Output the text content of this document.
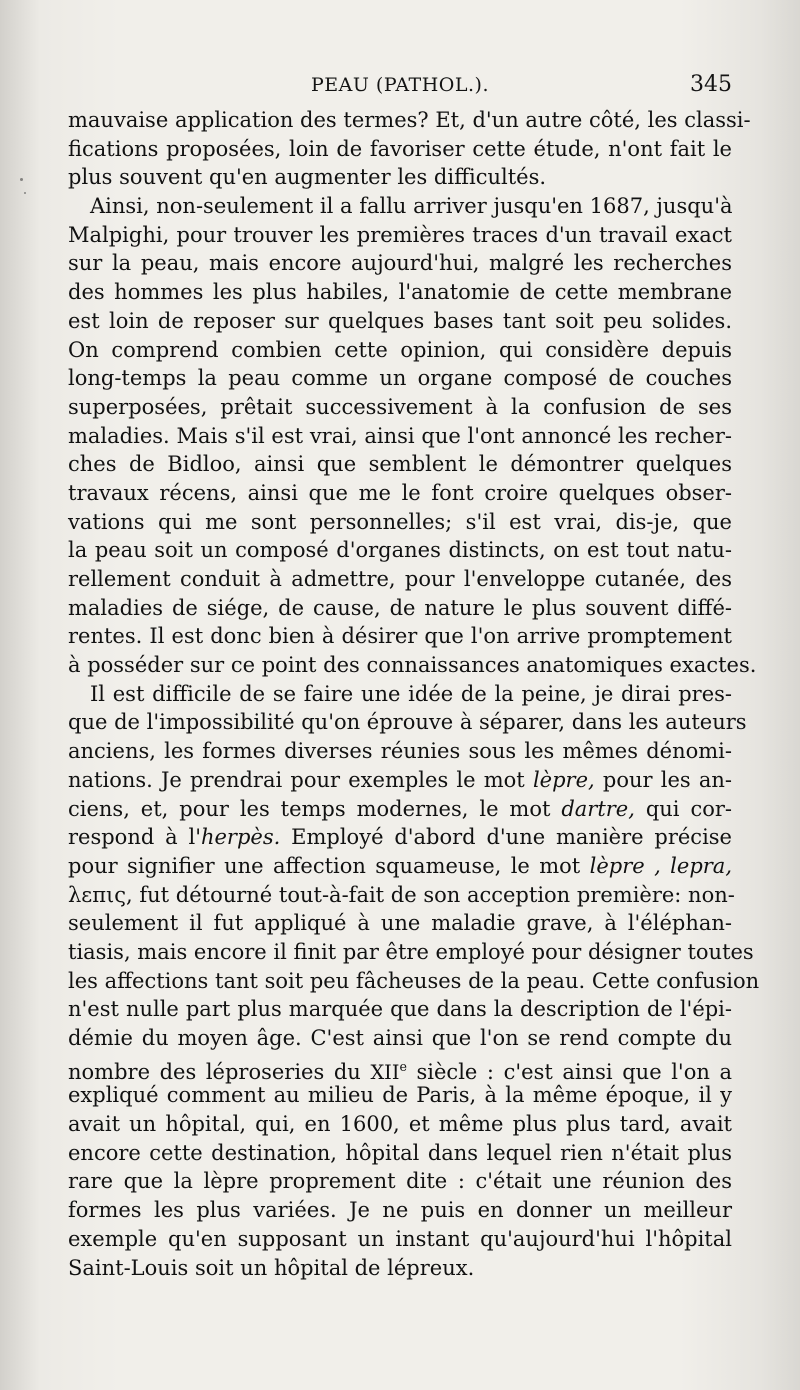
PEAU (PATHOL.).	345
mauvaise application des termes? Et, d'un autre côté, les classi-
fications proposées, loin de favoriser cette étude, n'ont fait le
plus souvent qu'en augmenter les difficultés.
Ainsi, non-seulement il a fallu arriver jusqu'en 1687, jusqu'à
Malpighi, pour trouver les premières traces d'un travail exact
sur la peau, mais encore aujourd'hui, malgré les recherches
des hommes les plus habiles, l'anatomie de cette membrane
est loin de reposer sur quelques bases tant soit peu solides.
On comprend combien cette opinion, qui considère depuis
long-temps la peau comme un organe composé de couches
superposées, prêtait successivement à la confusion de ses
maladies. Mais s'il est vrai, ainsi que l'ont annoncé les recher-
ches de Bidloo, ainsi que semblent le démontrer quelques
travaux récens, ainsi que me le font croire quelques obser-
vations qui me sont personnelles; s'il est vrai, dis-je, que
la peau soit un composé d'organes distincts, on est tout natu-
rellement conduit à admettre, pour l'enveloppe cutanée, des
maladies de siége, de cause, de nature le plus souvent diffé-
rentes. Il est donc bien à désirer que l'on arrive promptement
à posséder sur ce point des connaissances anatomiques exactes.
Il est difficile de se faire une idée de la peine, je dirai pres-
que de l'impossibilité qu'on éprouve à séparer, dans les auteurs
anciens, les formes diverses réunies sous les mêmes dénomi-
nations. Je prendrai pour exemples le mot lèpre, pour les an-
ciens, et, pour les temps modernes, le mot dartre, qui cor-
respond à l'herpès. Employé d'abord d'une manière précise
pour signifier une affection squameuse, le mot lèpre , lepra,
λεπις, fut détourné tout-à-fait de son acception première: non-
seulement il fut appliqué à une maladie grave, à l'éléphan-
tiasis, mais encore il finit par être employé pour désigner toutes
les affections tant soit peu fâcheuses de la peau. Cette confusion
n'est nulle part plus marquée que dans la description de l'épi-
démie du moyen âge. C'est ainsi que l'on se rend compte du
nombre des léproseries du XIIe siècle : c'est ainsi que l'on a
expliqué comment au milieu de Paris, à la même époque, il y
avait un hôpital, qui, en 1600, et même plus plus tard, avait
encore cette destination, hôpital dans lequel rien n'était plus
rare que la lèpre proprement dite : c'était une réunion des
formes les plus variées. Je ne puis en donner un meilleur
exemple qu'en supposant un instant qu'aujourd'hui l'hôpital
Saint-Louis soit un hôpital de lépreux.
